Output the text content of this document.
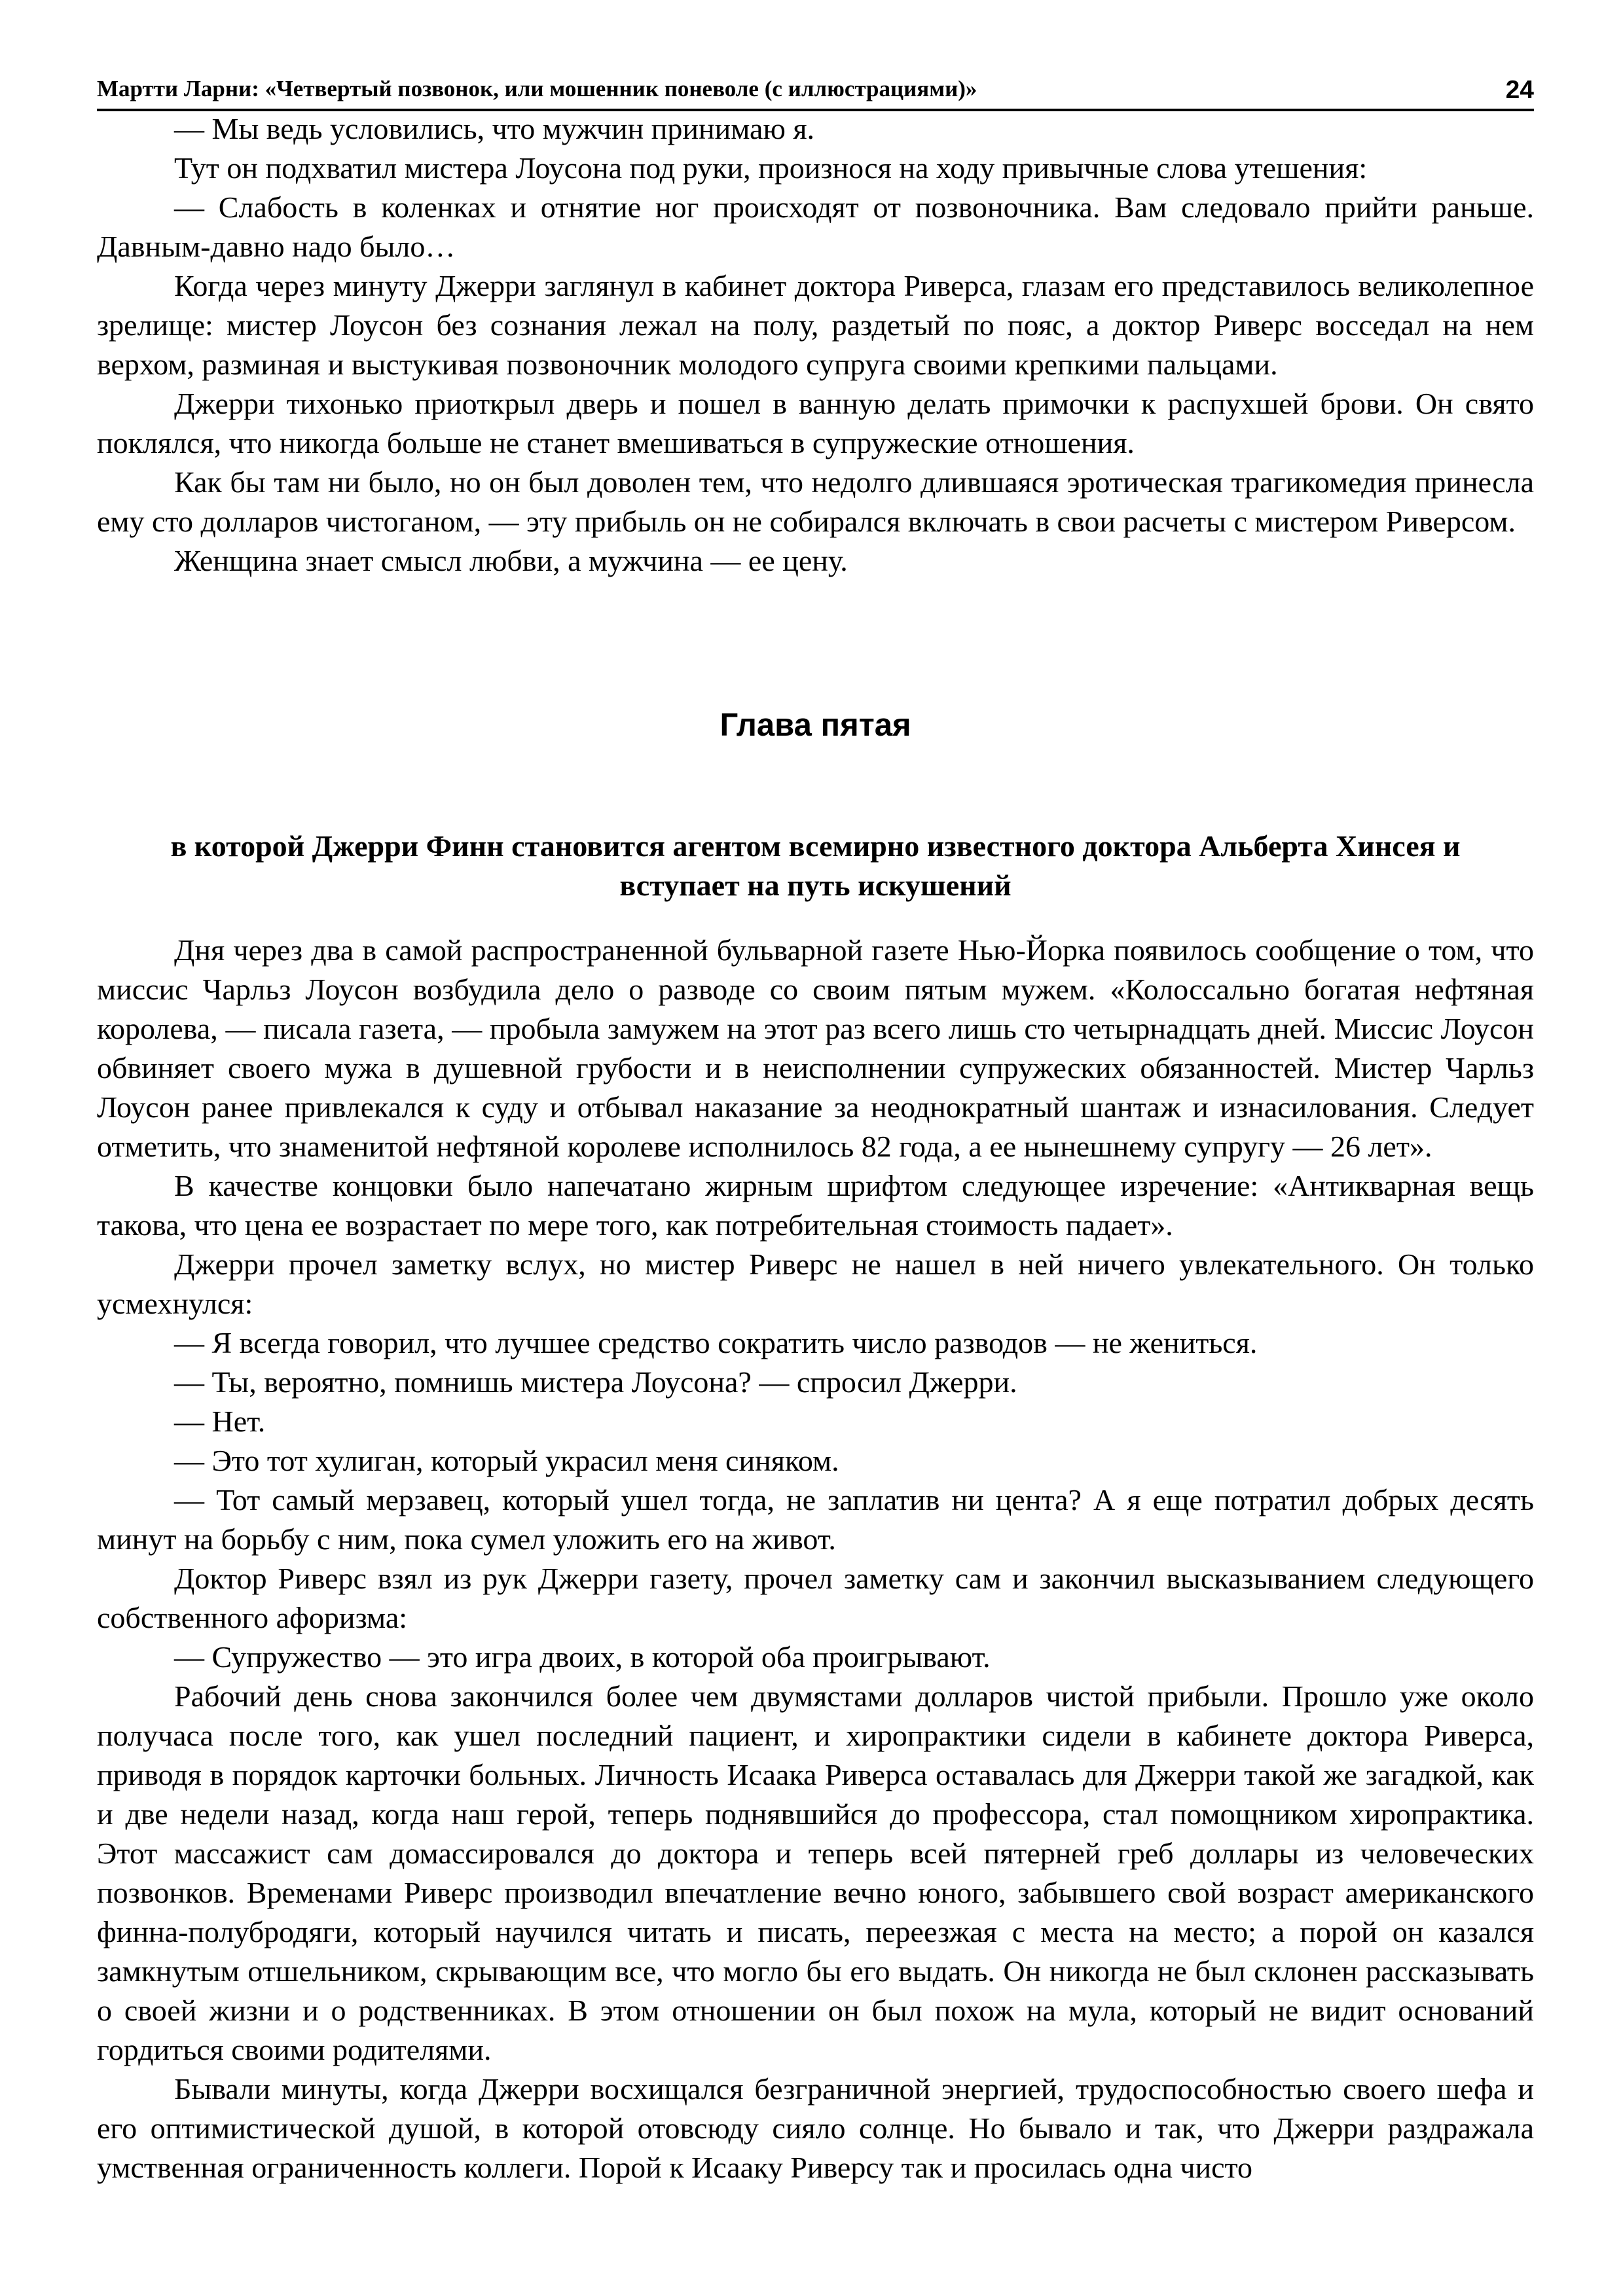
Мартти Ларни: «Четвертый позвонок, или мошенник поневоле (с иллюстрациями)»	24

— Мы ведь условились, что мужчин принимаю я.

Тут он подхватил мистера Лоусона под руки, произнося на ходу привычные слова утешения:

— Слабость в коленках и отнятие ног происходят от позвоночника. Вам следовало прийти раньше. Давным-давно надо было…

Когда через минуту Джерри заглянул в кабинет доктора Риверса, глазам его представилось великолепное зрелище: мистер Лоусон без сознания лежал на полу, раздетый по пояс, а доктор Риверс восседал на нем верхом, разминая и выстукивая позвоночник молодого супруга своими крепкими пальцами.

Джерри тихонько приоткрыл дверь и пошел в ванную делать примочки к распухшей брови. Он свято поклялся, что никогда больше не станет вмешиваться в супружеские отношения.

Как бы там ни было, но он был доволен тем, что недолго длившаяся эротическая трагикомедия принесла ему сто долларов чистоганом, — эту прибыль он не собирался включать в свои расчеты с мистером Риверсом.

Женщина знает смысл любви, а мужчина — ее цену.

Глава пятая
в которой Джерри Финн становится агентом всемирно известного доктора Альберта Хинсея и
вступает на путь искушений

Дня через два в самой распространенной бульварной газете Нью-Йорка появилось сообщение о том, что миссис Чарльз Лоусон возбудила дело о разводе со своим пятым мужем. «Колоссально богатая нефтяная королева, — писала газета, — пробыла замужем на этот раз всего лишь сто четырнадцать дней. Миссис Лоусон обвиняет своего мужа в душевной грубости и в неисполнении супружеских обязанностей. Мистер Чарльз Лоусон ранее привлекался к суду и отбывал наказание за неоднократный шантаж и изнасилования. Следует отметить, что знаменитой нефтяной королеве исполнилось 82 года, а ее нынешнему супругу — 26 лет».

В качестве концовки было напечатано жирным шрифтом следующее изречение: «Антикварная вещь такова, что цена ее возрастает по мере того, как потребительная стоимость падает».

Джерри прочел заметку вслух, но мистер Риверс не нашел в ней ничего увлекательного. Он только усмехнулся:

— Я всегда говорил, что лучшее средство сократить число разводов — не жениться.

— Ты, вероятно, помнишь мистера Лоусона? — спросил Джерри.

— Нет.

— Это тот хулиган, который украсил меня синяком.

— Тот самый мерзавец, который ушел тогда, не заплатив ни цента? А я еще потратил добрых десять минут на борьбу с ним, пока сумел уложить его на живот.

Доктор Риверс взял из рук Джерри газету, прочел заметку сам и закончил высказыванием следующего собственного афоризма:

— Супружество — это игра двоих, в которой оба проигрывают.

Рабочий день снова закончился более чем двумястами долларов чистой прибыли. Прошло уже около получаса после того, как ушел последний пациент, и хиропрактики сидели в кабинете доктора Риверса, приводя в порядок карточки больных. Личность Исаака Риверса оставалась для Джерри такой же загадкой, как и две недели назад, когда наш герой, теперь поднявшийся до профессора, стал помощником хиропрактика. Этот массажист сам домассировался до доктора и теперь всей пятерней греб доллары из человеческих позвонков. Временами Риверс производил впечатление вечно юного, забывшего свой возраст американского финна-полубродяги, который научился читать и писать, переезжая с места на место; а порой он казался замкнутым отшельником, скрывающим все, что могло бы его выдать. Он никогда не был склонен рассказывать о своей жизни и о родственниках. В этом отношении он был похож на мула, который не видит оснований гордиться своими родителями.

Бывали минуты, когда Джерри восхищался безграничной энергией, трудоспособностью своего шефа и его оптимистической душой, в которой отовсюду сияло солнце. Но бывало и так, что Джерри раздражала умственная ограниченность коллеги. Порой к Исааку Риверсу так и просилась одна чисто
